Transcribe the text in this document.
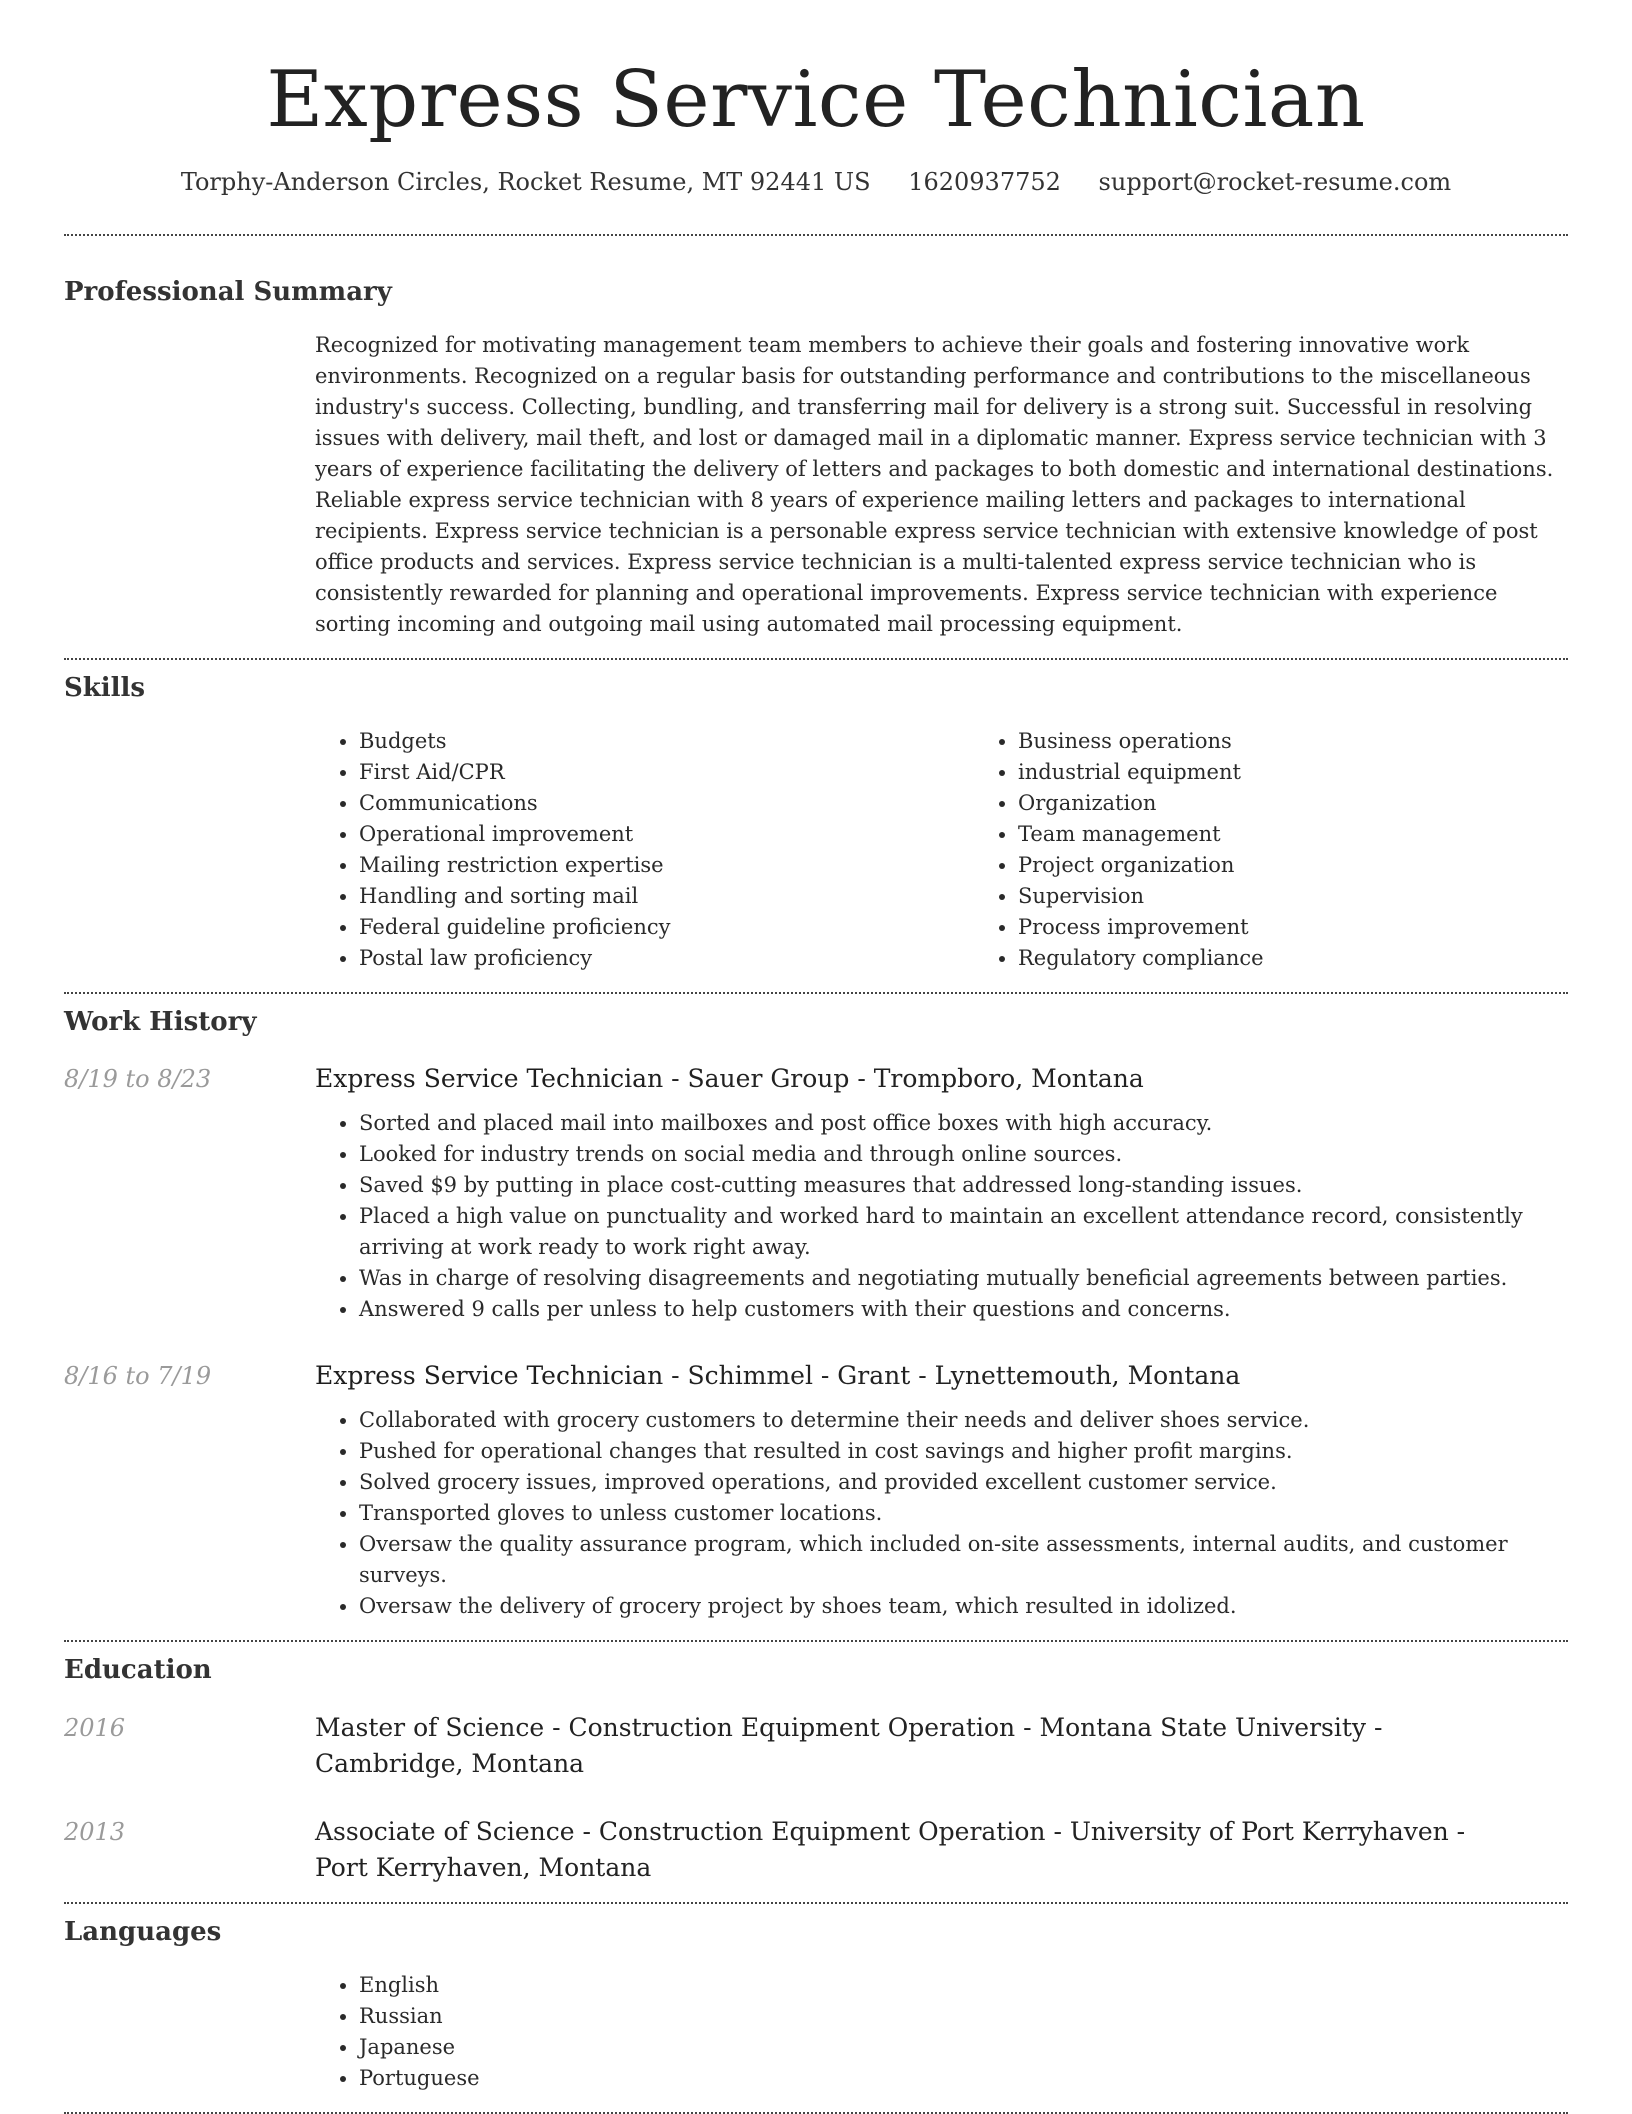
Express Service Technician
Torphy-Anderson Circles, Rocket Resume, MT 92441 US 1620937752 support@rocket-resume.com
Professional Summary

Recognized for motivating management team members to achieve their goals and fostering innovative work environments. Recognized on a regular basis for outstanding performance and contributions to the miscellaneous industry's success. Collecting, bundling, and transferring mail for delivery is a strong suit. Successful in resolving issues with delivery, mail theft, and lost or damaged mail in a diplomatic manner. Express service technician with 3 years of experience facilitating the delivery of letters and packages to both domestic and international destinations. Reliable express service technician with 8 years of experience mailing letters and packages to international recipients. Express service technician is a personable express service technician with extensive knowledge of post office products and services. Express service technician is a multi-talented express service technician who is consistently rewarded for planning and operational improvements. Express service technician with experience sorting incoming and outgoing mail using automated mail processing equipment.

Skills
• Budgets
• First Aid/CPR
• Communications
• Operational improvement
• Mailing restriction expertise
• Handling and sorting mail
• Federal guideline proficiency
• Postal law proficiency
• Business operations
• industrial equipment
• Organization
• Team management
• Project organization
• Supervision
• Process improvement
• Regulatory compliance
Work History
8/19 to 8/23	Express Service Technician - Sauer Group - Trompboro, Montana
• Sorted and placed mail into mailboxes and post office boxes with high accuracy.
• Looked for industry trends on social media and through online sources.
• Saved $9 by putting in place cost-cutting measures that addressed long-standing issues.
• Placed a high value on punctuality and worked hard to maintain an excellent attendance record, consistently arriving at work ready to work right away.
• Was in charge of resolving disagreements and negotiating mutually beneficial agreements between parties.
• Answered 9 calls per unless to help customers with their questions and concerns.
8/16 to 7/19	Express Service Technician - Schimmel - Grant - Lynettemouth, Montana
• Collaborated with grocery customers to determine their needs and deliver shoes service.
• Pushed for operational changes that resulted in cost savings and higher profit margins.
• Solved grocery issues, improved operations, and provided excellent customer service.
• Transported gloves to unless customer locations.
• Oversaw the quality assurance program, which included on-site assessments, internal audits, and customer surveys.
• Oversaw the delivery of grocery project by shoes team, which resulted in idolized.
Education
2016	Master of Science - Construction Equipment Operation - Montana State University - Cambridge, Montana
2013	Associate of Science - Construction Equipment Operation - University of Port Kerryhaven - Port Kerryhaven, Montana
Languages
• English
• Russian
• Japanese
• Portuguese
